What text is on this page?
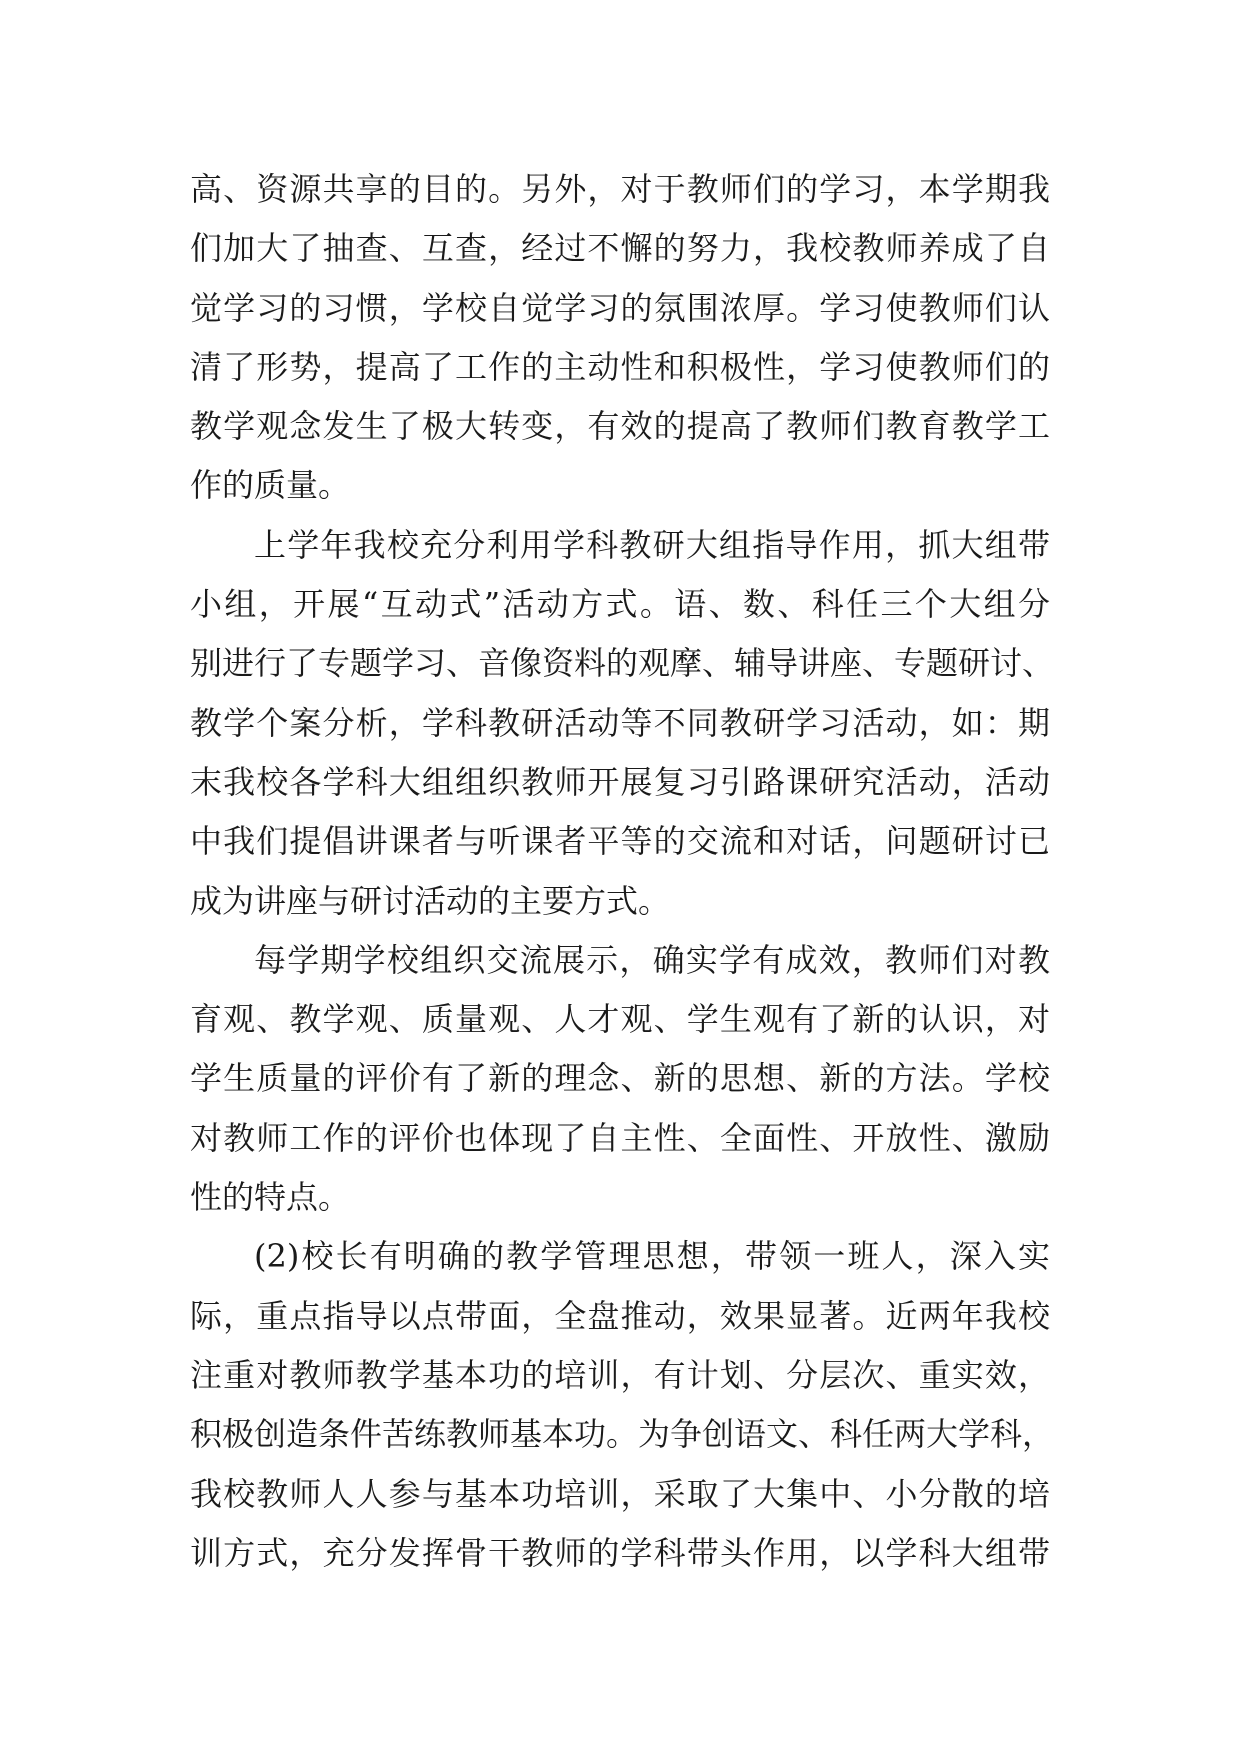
高、资源共享的目的。另外，对于教师们的学习，本学期我
们加大了抽查、互查，经过不懈的努力，我校教师养成了自
觉学习的习惯，学校自觉学习的氛围浓厚。学习使教师们认
清了形势，提高了工作的主动性和积极性，学习使教师们的
教学观念发生了极大转变，有效的提高了教师们教育教学工
作的质量。
上学年我校充分利用学科教研大组指导作用，抓大组带
小组，开展“互动式”活动方式。语、数、科任三个大组分
别进行了专题学习、音像资料的观摩、辅导讲座、专题研讨、
教学个案分析，学科教研活动等不同教研学习活动，如：期
末我校各学科大组组织教师开展复习引路课研究活动，活动
中我们提倡讲课者与听课者平等的交流和对话，问题研讨已
成为讲座与研讨活动的主要方式。
每学期学校组织交流展示，确实学有成效，教师们对教
育观、教学观、质量观、人才观、学生观有了新的认识，对
学生质量的评价有了新的理念、新的思想、新的方法。学校
对教师工作的评价也体现了自主性、全面性、开放性、激励
性的特点。
(2)校长有明确的教学管理思想，带领一班人，深入实
际，重点指导以点带面，全盘推动，效果显著。近两年我校
注重对教师教学基本功的培训，有计划、分层次、重实效，
积极创造条件苦练教师基本功。为争创语文、科任两大学科，
我校教师人人参与基本功培训，采取了大集中、小分散的培
训方式，充分发挥骨干教师的学科带头作用，以学科大组带
